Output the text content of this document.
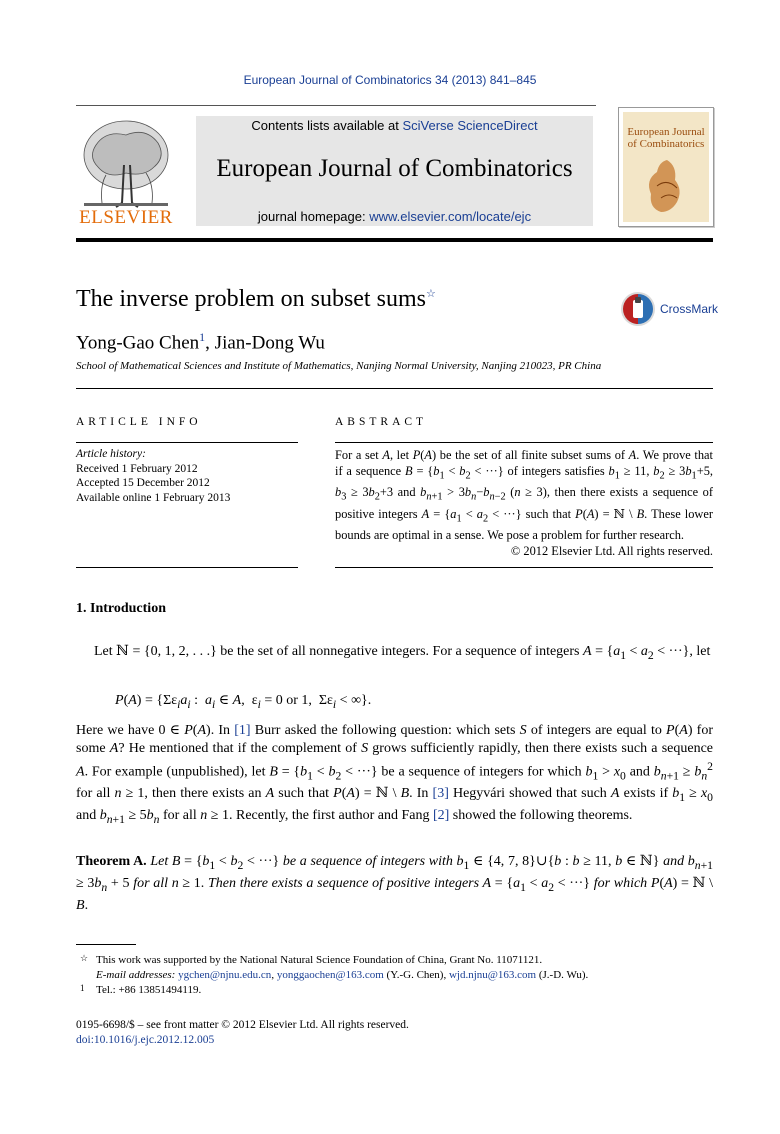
European Journal of Combinatorics 34 (2013) 841–845
ELSEVIER
Contents lists available at SciVerse ScienceDirect
European Journal of Combinatorics
journal homepage: www.elsevier.com/locate/ejc
European Journal of Combinatorics
The inverse problem on subset sums☆
CrossMark
Yong-Gao Chen$^1$, Jian-Dong Wu
School of Mathematical Sciences and Institute of Mathematics, Nanjing Normal University, Nanjing 210023, PR China
ARTICLE INFO
Article history:
Received 1 February 2012
Accepted 15 December 2012
Available online 1 February 2013
ABSTRACT
For a set A, let P(A) be the set of all finite subset sums of A. We prove that if a sequence $B = \{b_1 < b_2$ < ···} of integers satisfies $b_1 \ge 11$, $b_2 \ge 3b_1+5$, $b_3 \ge 3b_2+3$ and $b_{n+1} > 3b_n-b_{n-2}$ (n ≥ 3), then there exists a sequence of positive integers $A = \{a_1 < a_2$ < ···} such that P(A) = ℕ \ B. These lower bounds are optimal in a sense. We pose a problem for further research.
© 2012 Elsevier Ltd. All rights reserved.
1. Introduction
Let ℕ = {0, 1, 2, . . .} be the set of all nonnegative integers. For a sequence of integers $A = \{a_1 < a_2$ < ···}, let
$P(A) = \{\Sigma\varepsilon_ia_i$ :  $a_i$ ∈ A,  $\varepsilon_i = 0$ or 1,  $\Sigma\varepsilon_i$ < ∞}.
Here we have 0 ∈ P(A). In [1] Burr asked the following question: which sets S of integers are equal to P(A) for some A? He mentioned that if the complement of S grows sufficiently rapidly, then there exists such a sequence A. For example (unpublished), let $B = \{b_1 < b_2$ < ···} be a sequence of integers for which $b_1 > x_0$ and $b_{n+1} \ge b_n^2$ for all n ≥ 1, then there exists an A such that P(A) = ℕ \ B. In [3] Hegyvári showed that such A exists if $b_1 \ge x_0$ and $b_{n+1} \ge 5b_n$ for all n ≥ 1. Recently, the first author and Fang [2] showed the following theorems.
Theorem A. Let $B = \{b_1 < b_2$ < ···} be a sequence of integers with $b_1$ ∈ {4, 7, 8}∪{b : b ≥ 11, b ∈ ℕ} and $b_{n+1} \ge 3b_n + 5$ for all n ≥ 1. Then there exists a sequence of positive integers $A = \{a_1 < a_2$ < ···} for which P(A) = ℕ \ B.
☆ This work was supported by the National Natural Science Foundation of China, Grant No. 11071121.
E-mail addresses: ygchen@njnu.edu.cn, yonggaochen@163.com (Y.-G. Chen), wjd.njnu@163.com (J.-D. Wu).
1 Tel.: +86 13851494119.
0195-6698/$ – see front matter © 2012 Elsevier Ltd. All rights reserved.
doi:10.1016/j.ejc.2012.12.005
